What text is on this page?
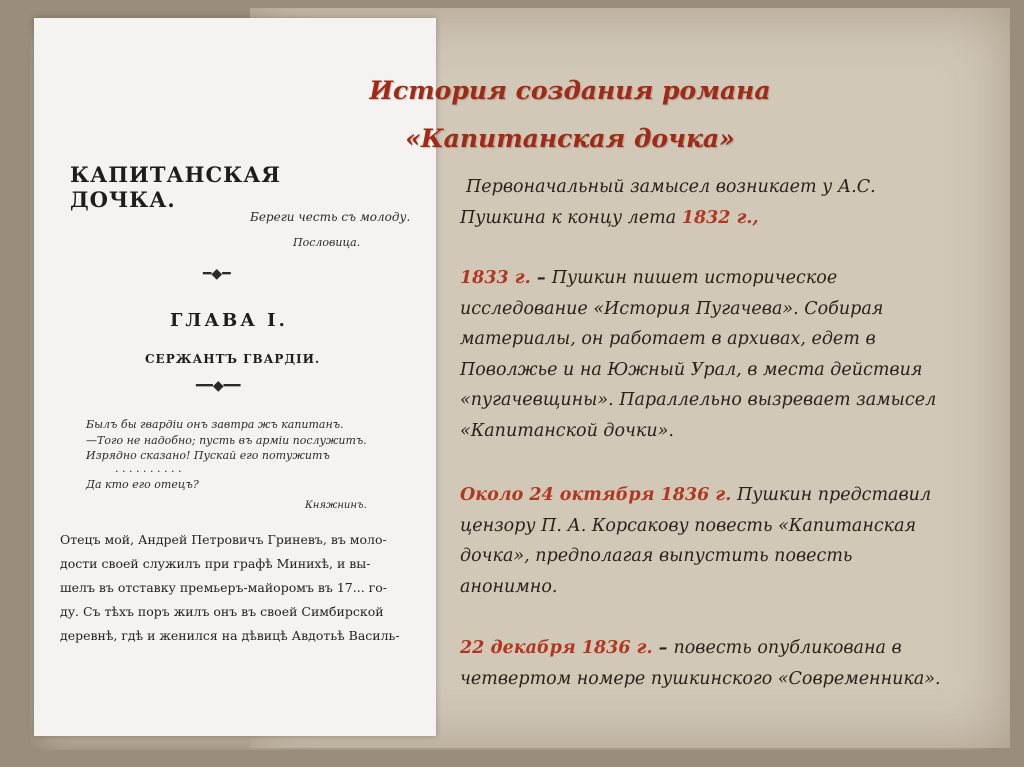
КАПИТАНСКАЯ ДОЧКА.
Береги честь съ молоду.
Пословица.
━◆━
ГЛАВА I.
СЕРЖАНТЪ ГВАРДІИ.
━━◆━━
Былъ бы гвардіи онъ завтра жъ капитанъ.
—Того не надобно; пусть въ арміи послужитъ.
Изрядно сказано! Пускай его потужитъ
. . . . . . . . . .
Да кто его отецъ?
Княжнинъ.
Отецъ мой, Андрей Петровичъ Гриневъ, въ моло-
дости своей служилъ при графѣ Минихѣ, и вы-
шелъ въ отставку премьеръ-майоромъ въ 17... го-
ду. Съ тѣхъ поръ жилъ онъ въ своей Симбирской
деревнѣ, гдѣ и женился на дѣвицѣ Авдотьѣ Василь-
История создания романа
«Капитанская дочка»

Первоначальный замысел возникает у А.С. Пушкина к концу лета 1832 г.,

1833 г. – Пушкин пишет историческое исследование «История Пугачева». Собирая материалы, он работает в архивах, едет в Поволжье и на Южный Урал, в места действия «пугачевщины». Параллельно вызревает замысел «Капитанской дочки».

Около 24 октября 1836 г. Пушкин представил цензору П. А. Корсакову повесть «Капитанская дочка», предполагая выпустить повесть анонимно.

22 декабря 1836 г. – повесть опубликована в четвертом номере пушкинского «Современника».
